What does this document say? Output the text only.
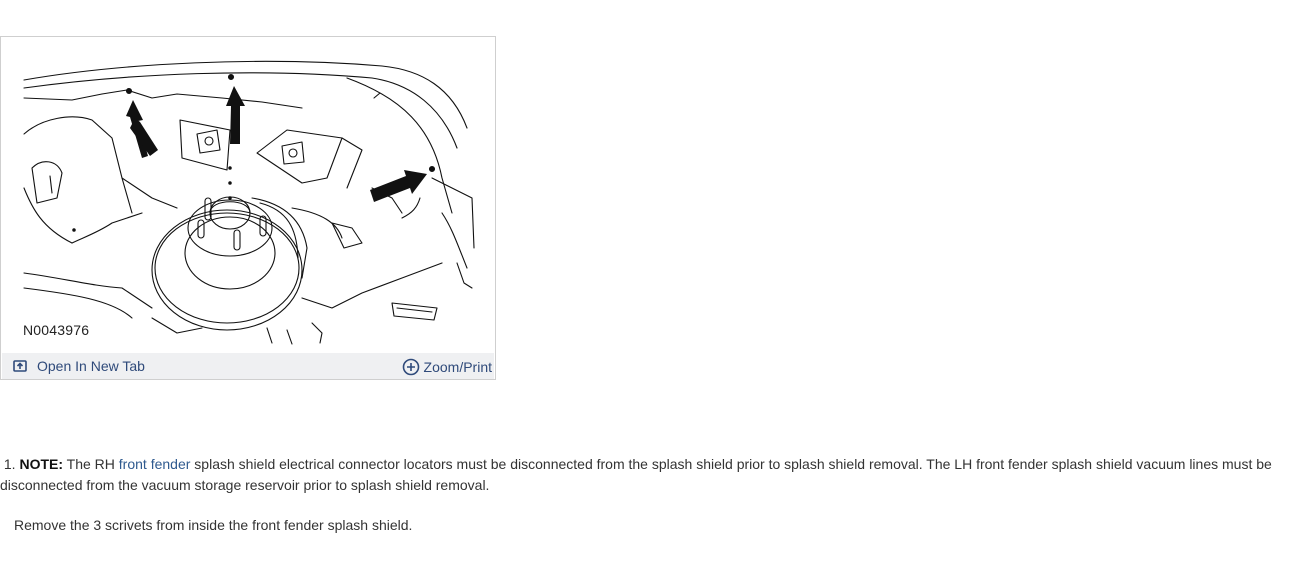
N0043976
Open In New Tab	Zoom/Print
1. NOTE: The RH front fender splash shield electrical connector locators must be disconnected from the splash shield prior to splash shield removal. The LH front fender splash shield vacuum lines must be disconnected from the vacuum storage reservoir prior to splash shield removal.
Remove the 3 scrivets from inside the front fender splash shield.
